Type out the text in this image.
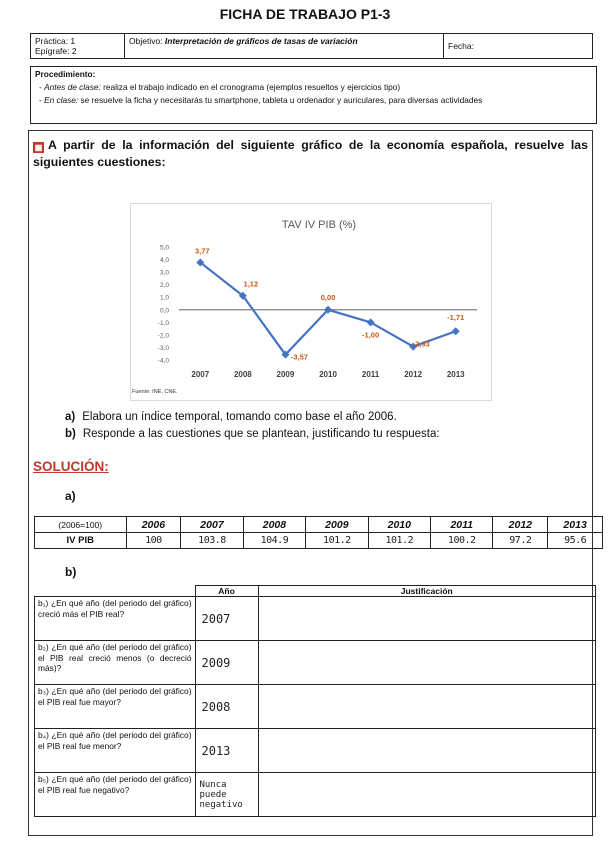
FICHA DE TRABAJO P1-3
Práctica: 1
Epígrafe: 2
	Objetivo: Interpretación de gráficos de tasas de variación	Fecha:
Procedimiento:
- Antes de clase: realiza el trabajo indicado en el cronograma (ejemplos resueltos y ejercicios tipo)
- En clase: se resuelve la ficha y necesitarás tu smartphone, tableta u ordenador y auriculares, para diversas actividades
▦ A partir de la información del siguiente gráfico de la economía española, resuelve las siguientes cuestiones:
TAV IV PIB (%)
5,0
4,0
3,0
2,0
1,0
0,0
-1,0
-2,0
-3,0
-4,0
2007	2008	2009	2010	2011	2012	2013
3,77
1,12
-3,57
0,00
-1,00
-2,93
-1,71
Fuente: INE, CNE.
a) Elabora un índice temporal, tomando como base el año 2006.
b) Responde a las cuestiones que se plantean, justificando tu respuesta:
SOLUCIÓN:
a)
(2006=100)	2006	2007	2008	2009	2010	2011	2012	2013
IV PIB	100	103.8	104.9	101.2	101.2	100.2	97.2	95.6
b)
	Año	Justificación
b₁) ¿En qué año (del periodo del gráfico) creció más el PIB real?	2007	
b₂) ¿En qué año (del periodo del gráfico) el PIB real creció menos (o decreció más)?	2009	
b₃) ¿En qué año (del periodo del gráfico) el PIB real fue mayor?	2008	
b₄) ¿En qué año (del periodo del gráfico) el PIB real fue menor?	2013	
b₅) ¿En qué año (del periodo del gráfico) el PIB real fue negativo?	Nunca puede negativo	
